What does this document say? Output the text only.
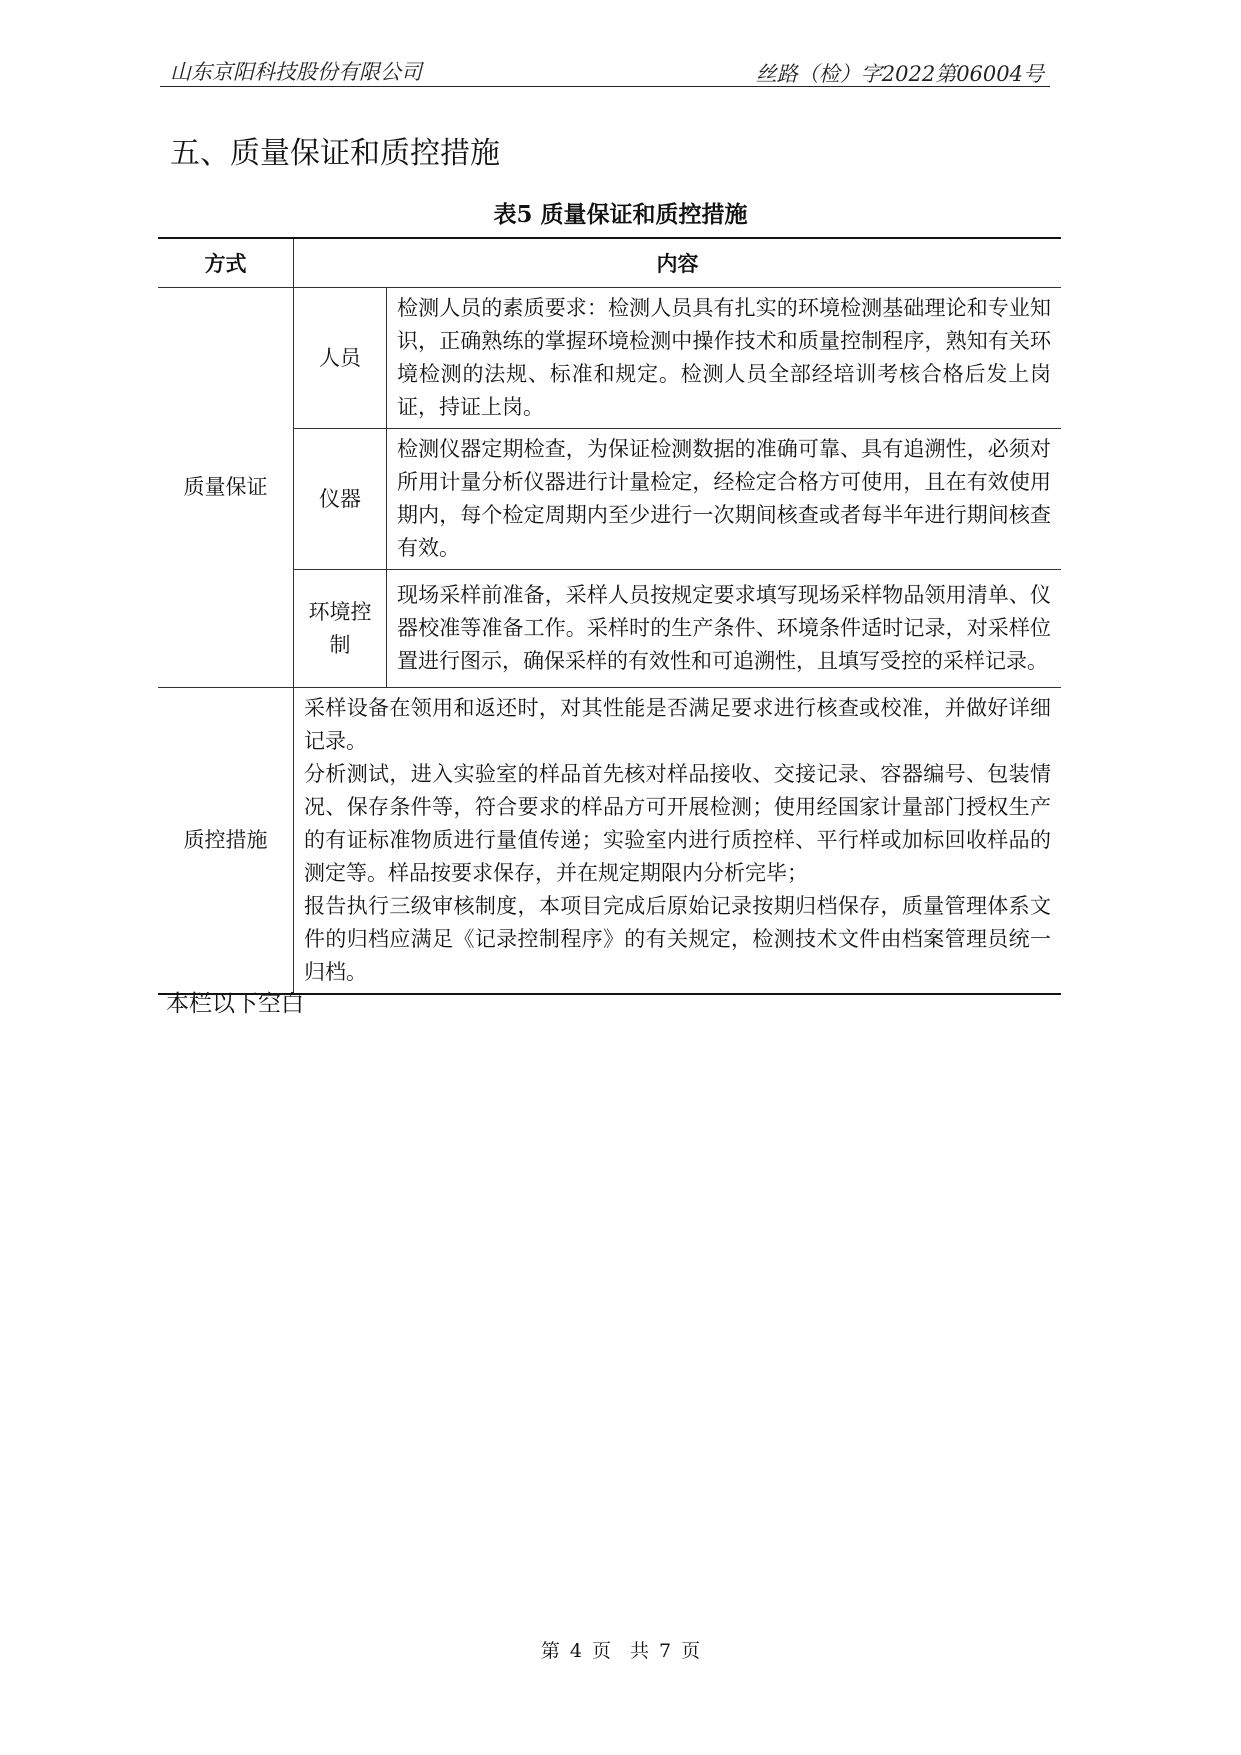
山东京阳科技股份有限公司	丝路（检）字2022第06004号
五、质量保证和质控措施
表5 质量保证和质控措施
方式	内容	
质量保证	人员	检测人员的素质要求：检测人员具有扎实的环境检测基础理论和专业知识，正确熟练的掌握环境检测中操作技术和质量控制程序，熟知有关环境检测的法规、标准和规定。检测人员全部经培训考核合格后发上岗证，持证上岗。
	仪器	检测仪器定期检查，为保证检测数据的准确可靠、具有追溯性，必须对所用计量分析仪器进行计量检定，经检定合格方可使用，且在有效使用期内，每个检定周期内至少进行一次期间核查或者每半年进行期间核查有效。
	环境控制	现场采样前准备，采样人员按规定要求填写现场采样物品领用清单、仪器校准等准备工作。采样时的生产条件、环境条件适时记录，对采样位置进行图示，确保采样的有效性和可追溯性，且填写受控的采样记录。
质控措施	采样设备在领用和返还时，对其性能是否满足要求进行核查或校准，并做好详细记录。
分析测试，进入实验室的样品首先核对样品接收、交接记录、容器编号、包装情况、保存条件等，符合要求的样品方可开展检测；使用经国家计量部门授权生产的有证标准物质进行量值传递；实验室内进行质控样、平行样或加标回收样品的测定等。样品按要求保存，并在规定期限内分析完毕；
报告执行三级审核制度，本项目完成后原始记录按期归档保存，质量管理体系文件的归档应满足《记录控制程序》的有关规定，检测技术文件由档案管理员统一归档。	
本栏以下空白
第 4 页　共 7 页
